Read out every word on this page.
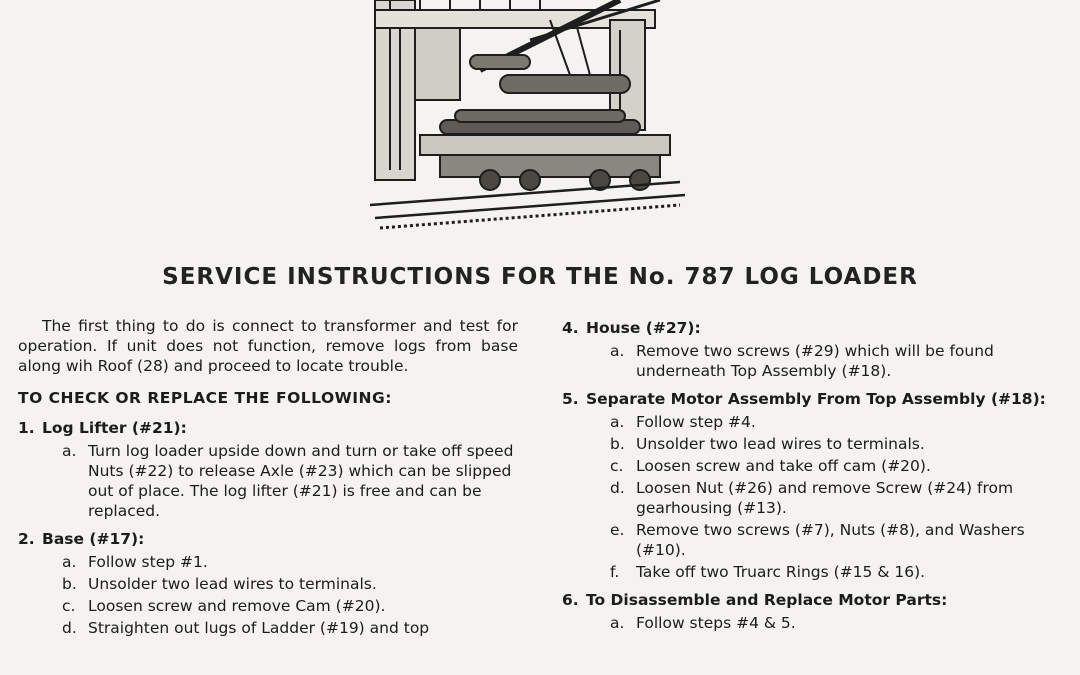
SERVICE INSTRUCTIONS FOR THE No. 787 LOG LOADER

The first thing to do is connect to transformer and test for operation. If unit does not function, remove logs from base along wih Roof (28) and proceed to locate trouble.

TO CHECK OR REPLACE THE FOLLOWING:
1. Log Lifter (#21):
a. Turn log loader upside down and turn or take off speed Nuts (#22) to release Axle (#23) which can be slipped out of place. The log lifter (#21) is free and can be replaced.
2. Base (#17):
a. Follow step #1.
b. Unsolder two lead wires to terminals.
c. Loosen screw and remove Cam (#20).
d. Straighten out lugs of Ladder (#19) and top
4. House (#27):
a. Remove two screws (#29) which will be found underneath Top Assembly (#18).
5. Separate Motor Assembly From Top Assembly (#18):
a. Follow step #4.
b. Unsolder two lead wires to terminals.
c. Loosen screw and take off cam (#20).
d. Loosen Nut (#26) and remove Screw (#24) from gearhousing (#13).
e. Remove two screws (#7), Nuts (#8), and Washers (#10).
f.	Take off two Truarc Rings (#15 & 16).
6. To Disassemble and Replace Motor Parts:
a. Follow steps #4 & 5.
